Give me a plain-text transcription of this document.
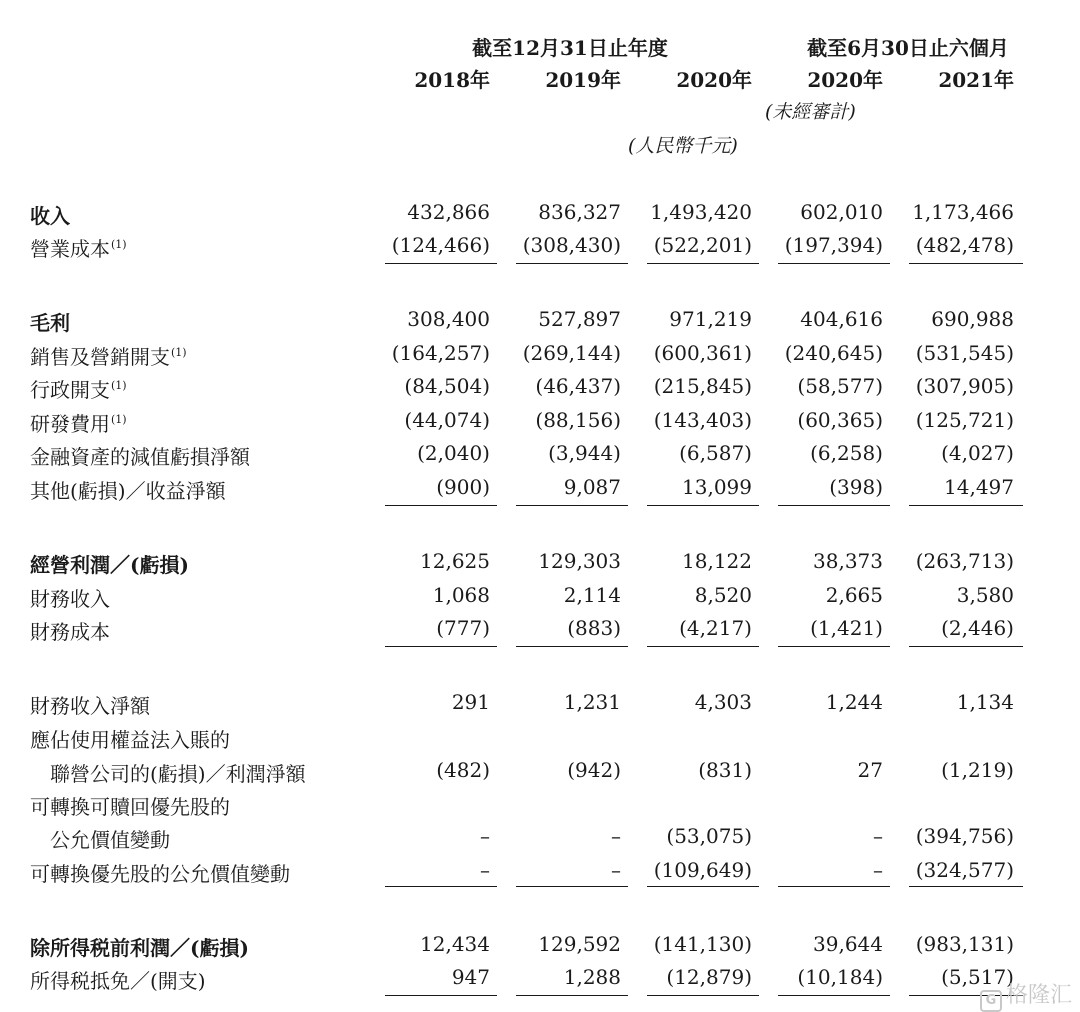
截至12月31日止年度	截至6月30日止六個月
2018年	2019年	2020年	2020年	2021年
(未經審計)
(人民幣千元)
收入	432,866	836,327	1,493,420	602,010	1,173,466
營業成本$^{(1)}$	(124,466)	(308,430)	(522,201)	(197,394)	(482,478)
毛利	308,400	527,897	971,219	404,616	690,988
銷售及營銷開支$^{(1)}$	(164,257)	(269,144)	(600,361)	(240,645)	(531,545)
行政開支$^{(1)}$	(84,504)	(46,437)	(215,845)	(58,577)	(307,905)
研發費用$^{(1)}$	(44,074)	(88,156)	(143,403)	(60,365)	(125,721)
金融資產的減值虧損淨額	(2,040)	(3,944)	(6,587)	(6,258)	(4,027)
其他(虧損)／收益淨額	(900)	9,087	13,099	(398)	14,497
經營利潤／(虧損)	12,625	129,303	18,122	38,373	(263,713)
財務收入	1,068	2,114	8,520	2,665	3,580
財務成本	(777)	(883)	(4,217)	(1,421)	(2,446)
財務收入淨額	291	1,231	4,303	1,244	1,134
應佔使用權益法入賬的
聯營公司的(虧損)／利潤淨額	(482)	(942)	(831)	27	(1,219)
可轉換可贖回優先股的
公允價值變動	–	–	(53,075)	–	(394,756)
可轉換優先股的公允價值變動	–	–	(109,649)	–	(324,577)
除所得税前利潤／(虧損)	12,434	129,592	(141,130)	39,644	(983,131)
所得税抵免／(開支)	947	1,288	(12,879)	(10,184)	(5,517)
G 格隆汇
